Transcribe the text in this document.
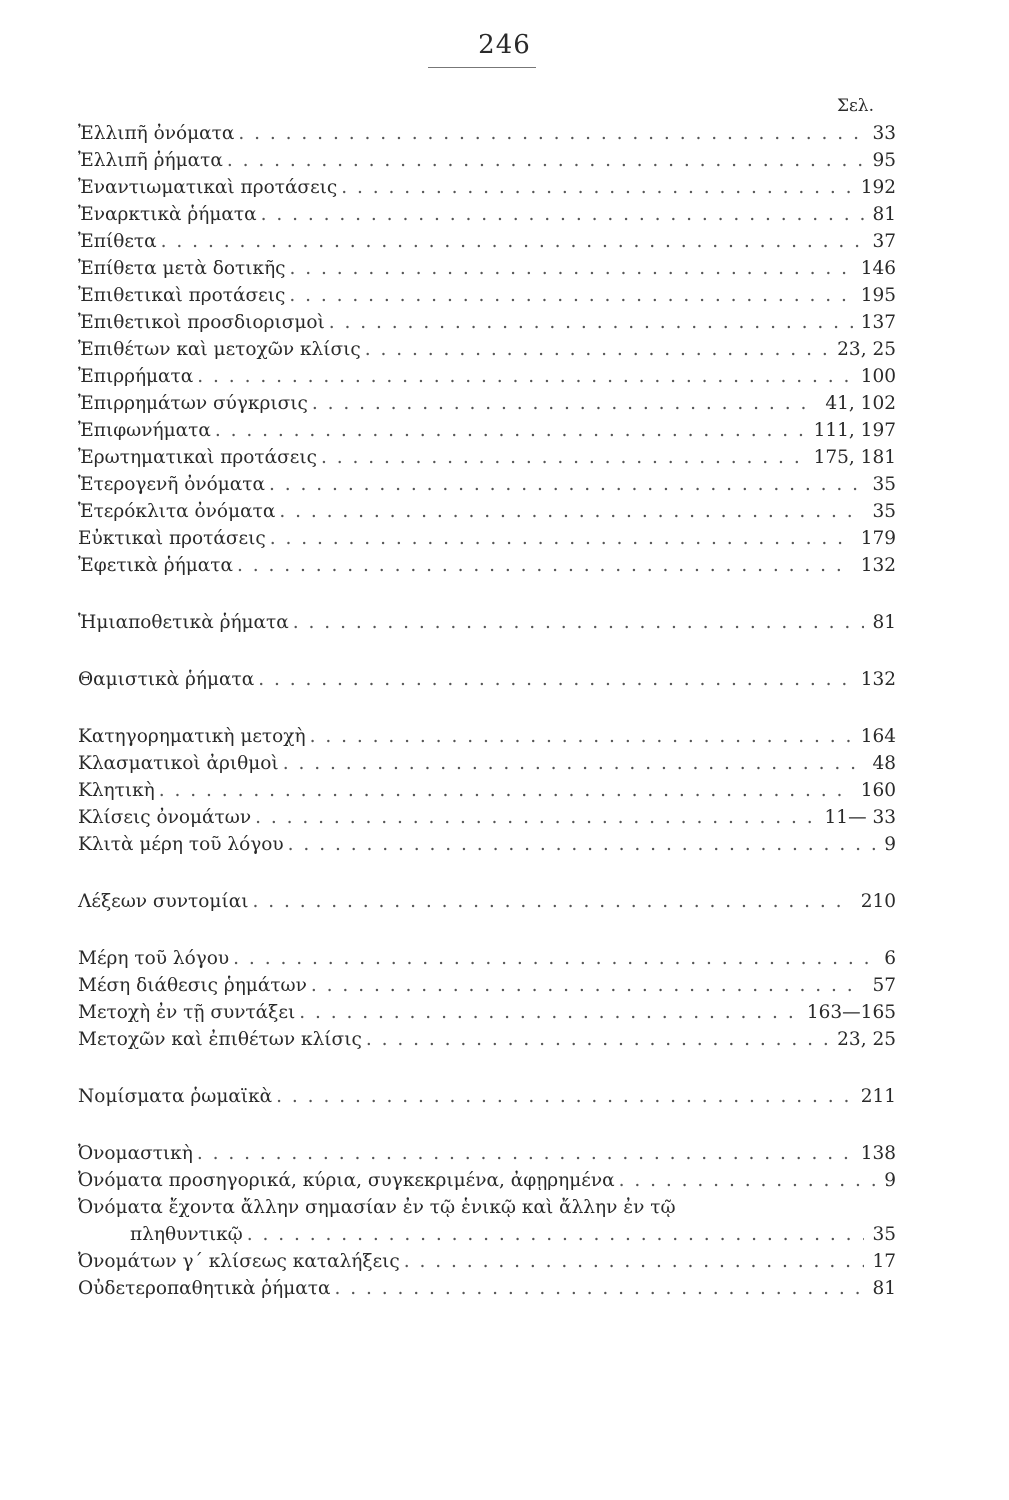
246
Σελ.
Ἐλλιπῆ ὀνόματα . . .	33
Ἐλλιπῆ ῥήματα . . .	95
Ἐναντιωματικαὶ προτάσεις . . .	192
Ἐναρκτικὰ ῥήματα . . .	81
Ἐπίθετα . . .	37
Ἐπίθετα μετὰ δοτικῆς . . .	146
Ἐπιθετικαὶ προτάσεις . . .	195
Ἐπιθετικοὶ προσδιορισμοὶ . . .	137
Ἐπιθέτων καὶ μετοχῶν κλίσις . . .	23, 25
Ἐπιρρήματα . . .	100
Ἐπιρρημάτων σύγκρισις . . .	41, 102
Ἐπιφωνήματα . . .	111, 197
Ἐρωτηματικαὶ προτάσεις . . .	175, 181
Ἑτερογενῆ ὀνόματα . . .	35
Ἑτερόκλιτα ὀνόματα . . .	35
Εὐκτικαὶ προτάσεις . . .	179
Ἐφετικὰ ῥήματα . . .	132
Ἡμιαποθετικὰ ῥήματα . . .	81
Θαμιστικὰ ῥήματα . . .	132
Κατηγορηματικὴ μετοχὴ . . .	164
Κλασματικοὶ ἀριθμοὶ . . .	48
Κλητικὴ . . .	160
Κλίσεις ὀνομάτων . . .	11— 33
Κλιτὰ μέρη τοῦ λόγου . . .	9
Λέξεων συντομίαι . . .	210
Μέρη τοῦ λόγου . . .	6
Μέση διάθεσις ῥημάτων . . .	57
Μετοχὴ ἐν τῇ συντάξει . . .	163—165
Μετοχῶν καὶ ἐπιθέτων κλίσις . . .	23, 25
Νομίσματα ῥωμαϊκὰ . . .	211
Ὀνομαστικὴ . . .	138
Ὀνόματα προσηγορικά, κύρια, συγκεκριμένα, ἀφῃρημένα . . .	9
Ὀνόματα ἔχοντα ἄλλην σημασίαν ἐν τῷ ἑνικῷ καὶ ἄλλην ἐν τῷ
πληθυντικῷ . . .	35
Ὀνομάτων γ΄ κλίσεως καταλήξεις . . .	17
Οὐδετεροπαθητικὰ ῥήματα . . .	81
